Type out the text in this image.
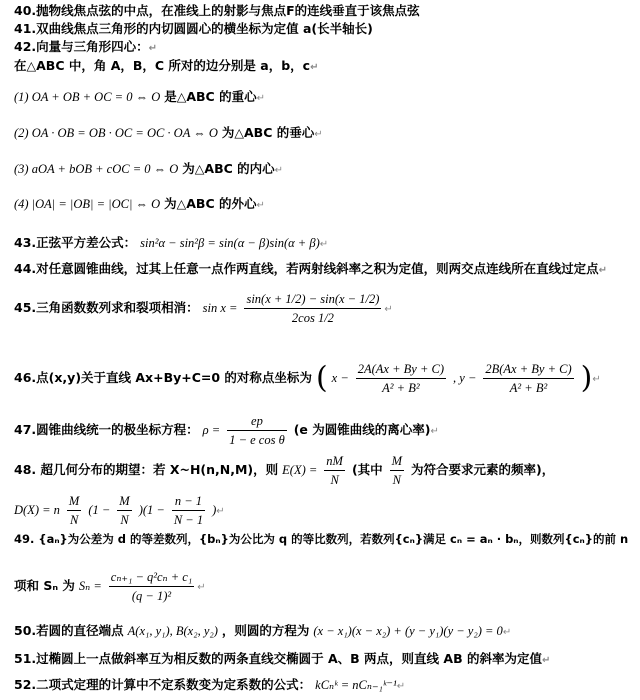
40.抛物线焦点弦的中点，在准线上的射影与焦点F的连线垂直于该焦点弦
41.双曲线焦点三角形的内切圆圆心的横坐标为定值 a(长半轴长)
42.向量与三角形四心：↵
在△ABC 中，角 A，B，C 所对的边分别是 a，b，c↵
(1) OA + OB + OC = 0 ⇔ O 是△ABC 的重心↵
(2) OA · OB = OB · OC = OC · OA ⇔ O 为△ABC 的垂心↵
(3) aOA + bOB + cOC = 0 ⇔ O 为△ABC 的内心↵
(4) |OA| = |OB| = |OC| ⇔ O 为△ABC 的外心↵
43.正弦平方差公式： sin²α − sin²β = sin(α − β)sin(α + β)↵
44.对任意圆锥曲线，过其上任意一点作两直线，若两射线斜率之积为定值，则两交点连线所在直线过定点↵
45.三角函数数列求和裂项相消： $\sin x = \frac{\sin(x + 1/2) - \sin(x - 1/2)}{2\cos 1/2}$ ↵
46.点(x,y)关于直线 Ax+By+C=0 的对称点坐标为 ( $x - \frac{2A(Ax + By + C)}{\text{A² + B²}}$ , $y - \frac{2B(Ax + By + C)}{\text{A² + B²}}$ )↵
47.圆锥曲线统一的极坐标方程： $\rho = \frac{ep}{\text{1 − e cos θ}} (e$ 为圆锥曲线的离心率)↵
48. 超几何分布的期望：若 X~H(n,N,M)，则 $E(X) = \frac{nM}{N}$ (其中 $\frac{M}{N}$ 为符合要求元素的频率)，
D(X) = n $\frac{M}{N} (1 - \frac{M}{N} )(1 - \frac{n - 1}{N - 1}$ )↵
49. {aₙ}为公差为 d 的等差数列，{bₙ}为公比为 q 的等比数列，若数列{cₙ}满足 cₙ = aₙ · bₙ，则数列{cₙ}的前 n
项和 Sₙ 为 $S_n = \frac{\text{cₙ₊₁ − q²cₙ + c₁}}{\text{(q − 1)²}}$ ↵
50.若圆的直径端点 A(x₁, y₁), B(x₂, y₂) ，则圆的方程为 (x − x₁)(x − x₂) + (y − y₁)(y − y₂) = 0↵
51.过椭圆上一点做斜率互为相反数的两条直线交椭圆于 A、B 两点，则直线 AB 的斜率为定值↵
52.二项式定理的计算中不定系数变为定系数的公式： kCₙᵏ = nCₙ₋₁ᵏ⁻¹↵
